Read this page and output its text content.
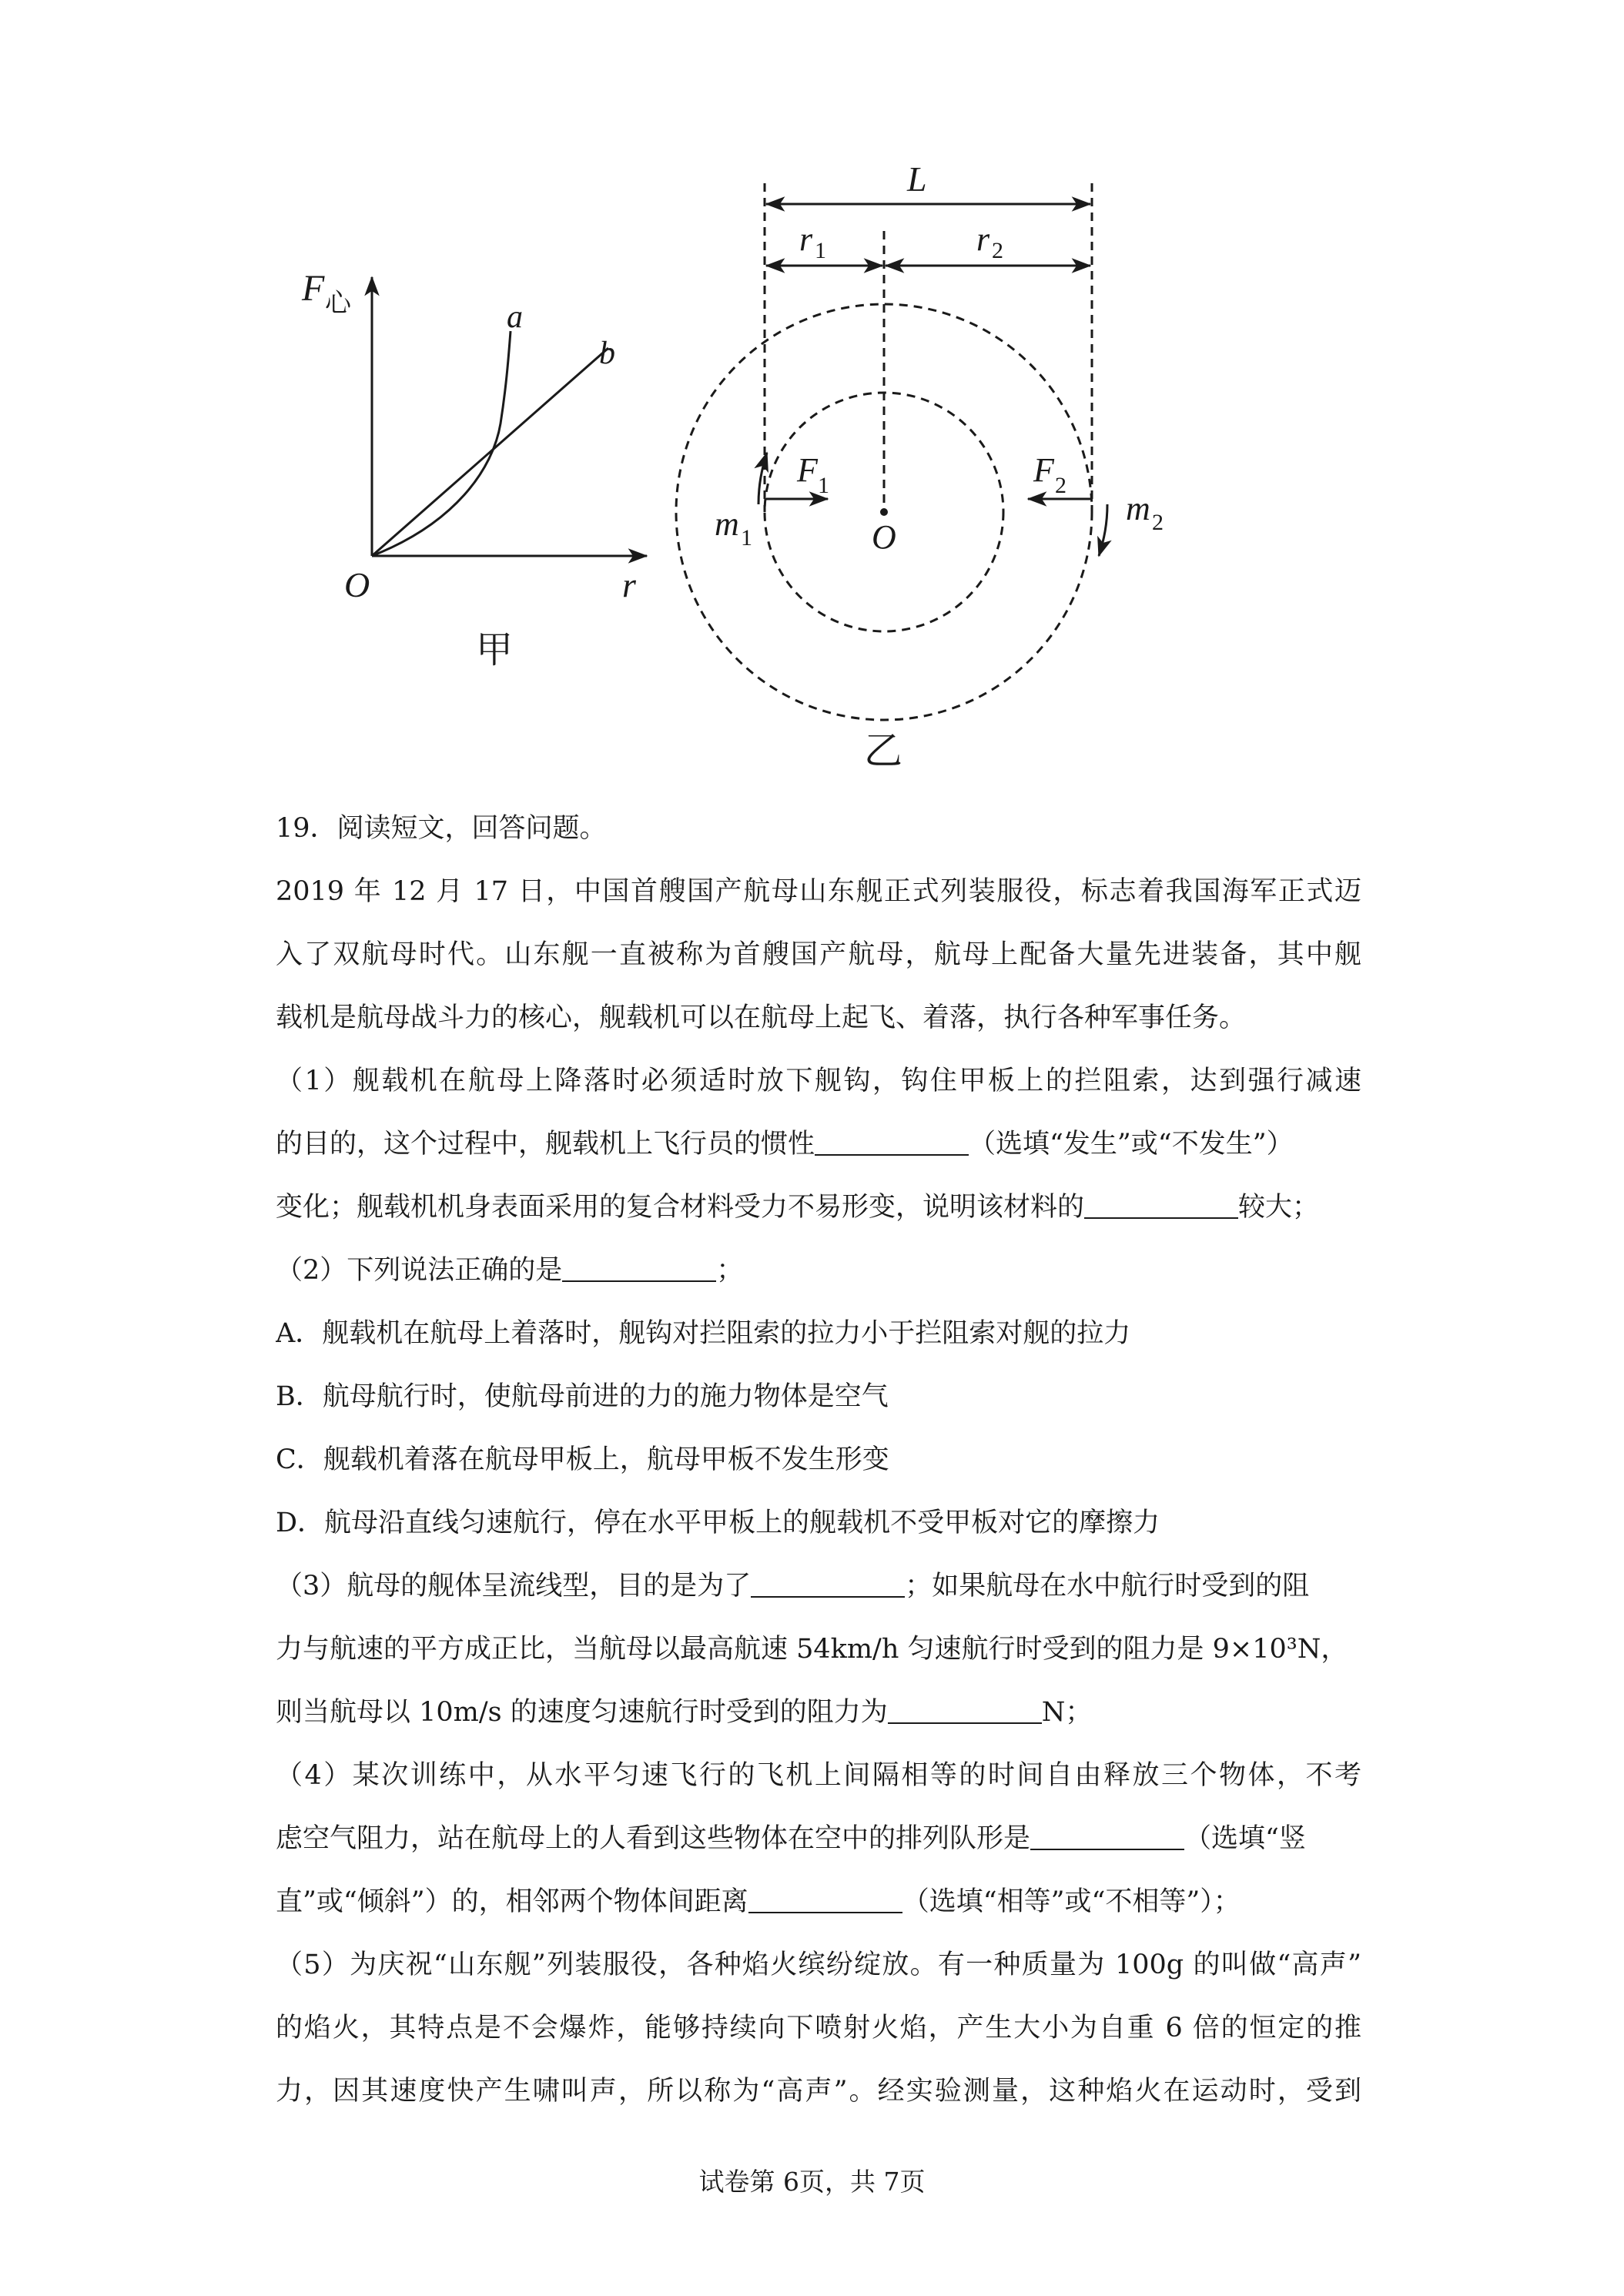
F 心	a
b
O	r
甲
L
r 1	r 2
F 1	F 2
m 1
m 2
O
乙
19．阅读短文，回答问题。
2019 年 12 月 17 日，中国首艘国产航母山东舰正式列装服役，标志着我国海军正式迈
入了双航母时代。山东舰一直被称为首艘国产航母，航母上配备大量先进装备，其中舰
载机是航母战斗力的核心，舰载机可以在航母上起飞、着落，执行各种军事任务。
（1）舰载机在航母上降落时必须适时放下舰钩，钩住甲板上的拦阻索，达到强行减速
的目的，这个过程中，舰载机上飞行员的惯性	（选填“发生”或“不发生”）
变化；舰载机机身表面采用的复合材料受力不易形变，说明该材料的	较大；
（2）下列说法正确的是	；
A．舰载机在航母上着落时，舰钩对拦阻索的拉力小于拦阻索对舰的拉力
B．航母航行时，使航母前进的力的施力物体是空气
C．舰载机着落在航母甲板上，航母甲板不发生形变
D．航母沿直线匀速航行，停在水平甲板上的舰载机不受甲板对它的摩擦力
（3）航母的舰体呈流线型，目的是为了	；如果航母在水中航行时受到的阻
力与航速的平方成正比，当航母以最高航速 54km/h 匀速航行时受到的阻力是 9×10³N，
则当航母以 10m/s 的速度匀速航行时受到的阻力为	N；
（4）某次训练中，从水平匀速飞行的飞机上间隔相等的时间自由释放三个物体，不考
虑空气阻力，站在航母上的人看到这些物体在空中的排列队形是	（选填“竖
直”或“倾斜”）的，相邻两个物体间距离	（选填“相等”或“不相等”）；
（5）为庆祝“山东舰”列装服役，各种焰火缤纷绽放。有一种质量为 100g 的叫做“高声”
的焰火，其特点是不会爆炸，能够持续向下喷射火焰，产生大小为自重 6 倍的恒定的推
力，因其速度快产生啸叫声，所以称为“高声”。经实验测量，这种焰火在运动时，受到
试卷第 6页，共 7页
